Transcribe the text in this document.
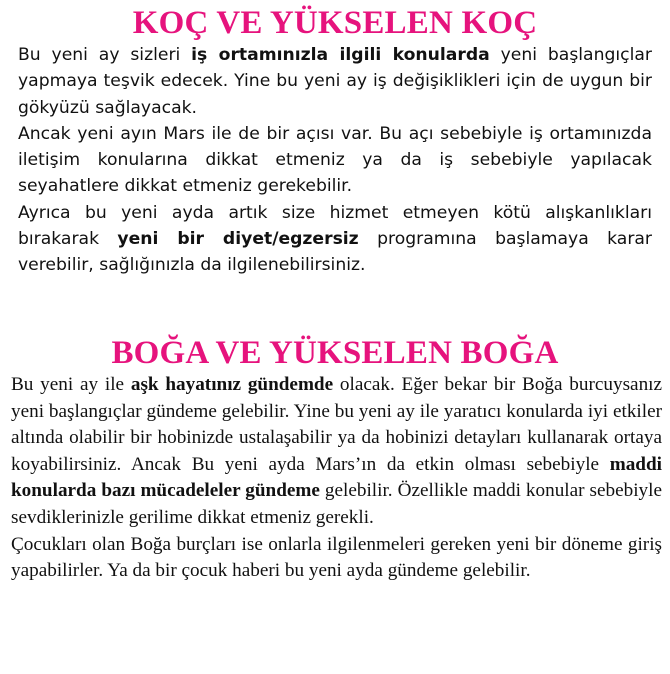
KOÇ VE YÜKSELEN KOÇ

Bu yeni ay sizleri iş ortamınızla ilgili konularda yeni başlangıçlar yapmaya teşvik edecek. Yine bu yeni ay iş değişiklikleri için de uygun bir gökyüzü sağlayacak.

Ancak yeni ayın Mars ile de bir açısı var. Bu açı sebebiyle iş ortamınızda iletişim konularına dikkat etmeniz ya da iş sebebiyle yapılacak seyahatlere dikkat etmeniz gerekebilir.

Ayrıca bu yeni ayda artık size hizmet etmeyen kötü alışkanlıkları bırakarak yeni bir diyet/egzersiz programına başlamaya karar verebilir, sağlığınızla da ilgilenebilirsiniz.

BOĞA VE YÜKSELEN BOĞA

Bu yeni ay ile aşk hayatınız gündemde olacak. Eğer bekar bir Boğa burcuysanız yeni başlangıçlar gündeme gelebilir. Yine bu yeni ay ile yaratıcı konularda iyi etkiler altında olabilir bir hobinizde ustalaşabilir ya da hobinizi detayları kullanarak ortaya koyabilirsiniz. Ancak Bu yeni ayda Mars’ın da etkin olması sebebiyle maddi konularda bazı mücadeleler gündeme gelebilir. Özellikle maddi konular sebebiyle sevdiklerinizle gerilime dikkat etmeniz gerekli.

Çocukları olan Boğa burçları ise onlarla ilgilenmeleri gereken yeni bir döneme giriş yapabilirler. Ya da bir çocuk haberi bu yeni ayda gündeme gelebilir.
